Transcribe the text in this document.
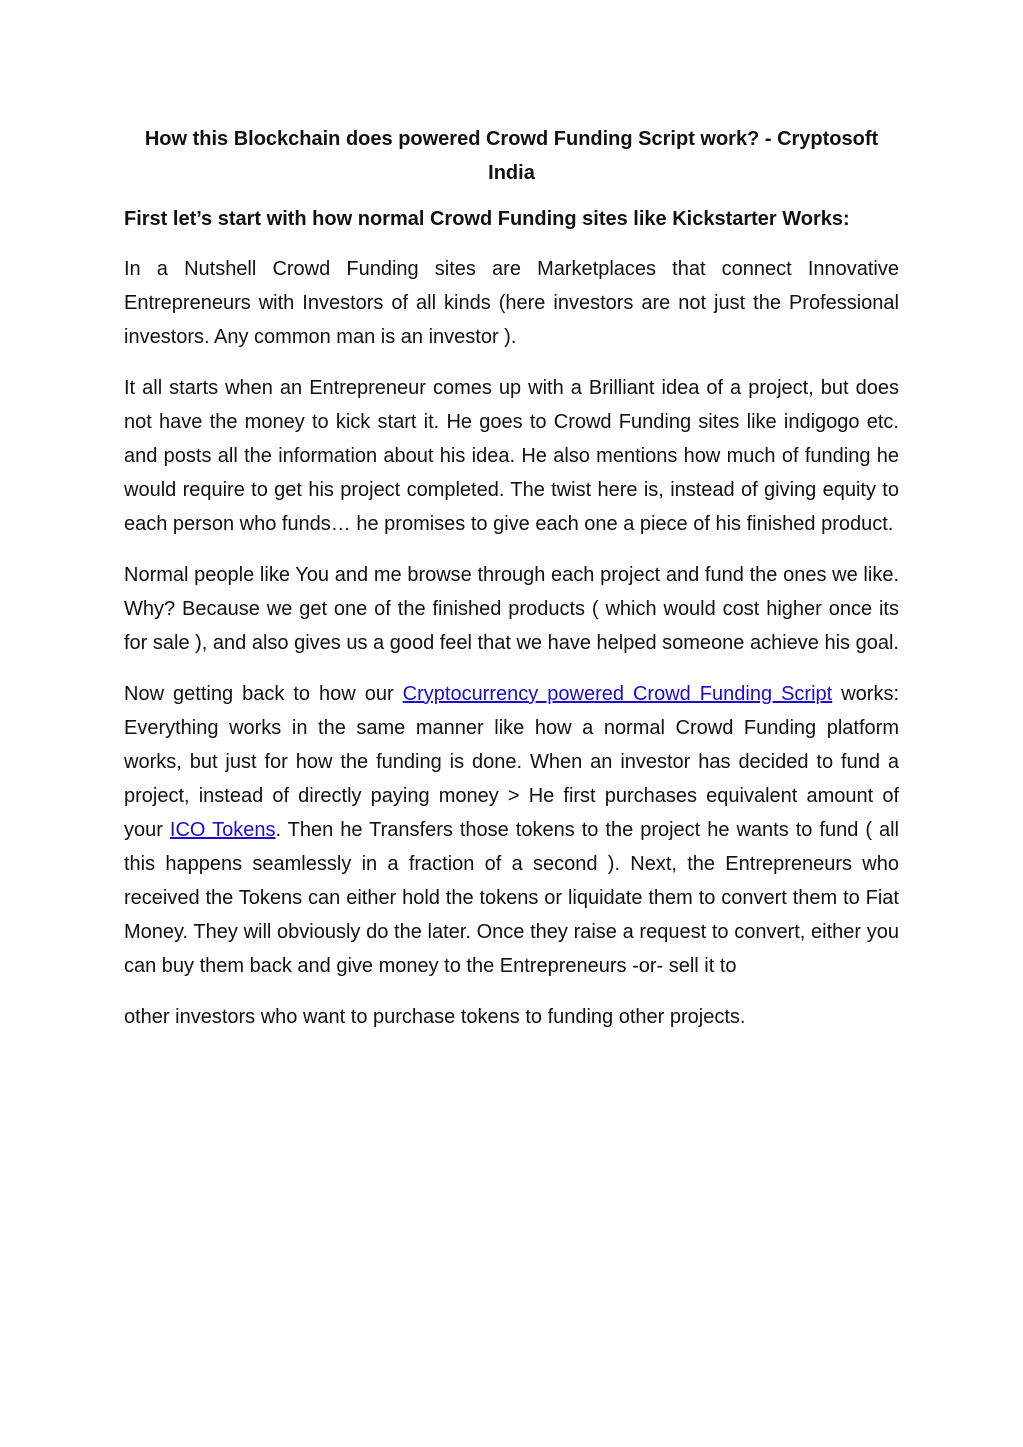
How this Blockchain does powered Crowd Funding Script work? - Cryptosoft India

First let’s start with how normal Crowd Funding sites like Kickstarter Works:

In a Nutshell Crowd Funding sites are Marketplaces that connect Innovative Entrepreneurs with Investors of all kinds (here investors are not just the Professional investors. Any common man is an investor ).

It all starts when an Entrepreneur comes up with a Brilliant idea of a project, but does not have the money to kick start it. He goes to Crowd Funding sites like indigogo etc. and posts all the information about his idea. He also mentions how much of funding he would require to get his project completed. The twist here is, instead of giving equity to each person who funds… he promises to give each one a piece of his finished product.

Normal people like You and me browse through each project and fund the ones we like. Why? Because we get one of the finished products ( which would cost higher once its for sale ), and also gives us a good feel that we have helped someone achieve his goal.

Now getting back to how our Cryptocurrency powered Crowd Funding Script works: Everything works in the same manner like how a normal Crowd Funding platform works, but just for how the funding is done. When an investor has decided to fund a project, instead of directly paying money > He first purchases equivalent amount of your ICO Tokens. Then he Transfers those tokens to the project he wants to fund ( all this happens seamlessly in a fraction of a second ). Next, the Entrepreneurs who received the Tokens can either hold the tokens or liquidate them to convert them to Fiat Money. They will obviously do the later. Once they raise a request to convert, either you can buy them back and give money to the Entrepreneurs -or- sell it to

other investors who want to purchase tokens to funding other projects.
